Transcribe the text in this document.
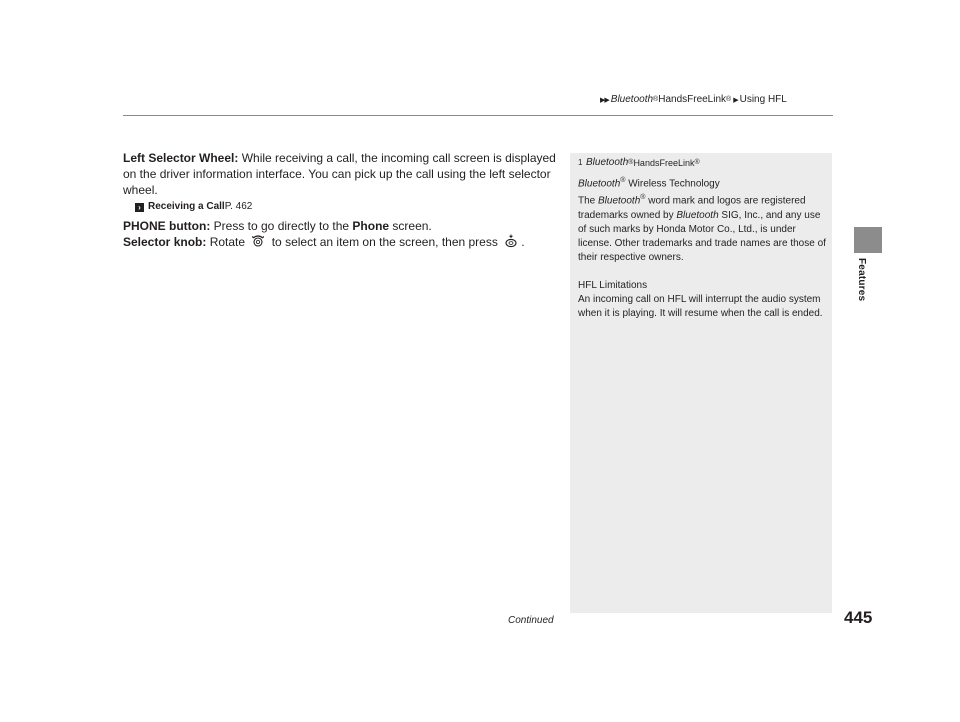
▶▶ Bluetooth ® HandsFreeLink ® ▶ Using HFL
Features

Left Selector Wheel: While receiving a call, the incoming call screen is displayed on the driver information interface. You can pick up the call using the left selector wheel.

› Receiving a Call P. 462

PHONE button: Press to go directly to the Phone screen.

Selector knob: Rotate  to select an item on the screen, then press .

1 Bluetooth ® HandsFreeLink ®

Bluetooth® Wireless Technology

The Bluetooth® word mark and logos are registered trademarks owned by Bluetooth SIG, Inc., and any use of such marks by Honda Motor Co., Ltd., is under license. Other trademarks and trade names are those of their respective owners.

HFL Limitations

An incoming call on HFL will interrupt the audio system when it is playing. It will resume when the call is ended.

Continued	445
